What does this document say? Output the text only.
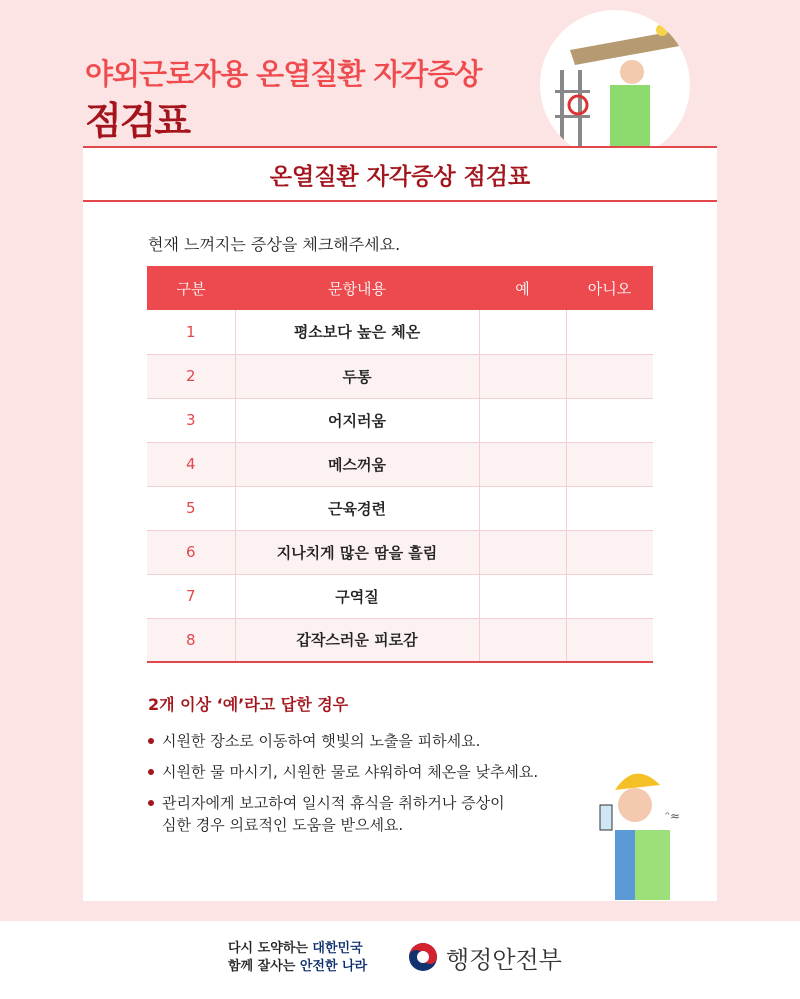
야외근로자용 온열질환 자각증상
점검표
온열질환 자각증상 점검표
현재 느껴지는 증상을 체크해주세요.
구분	문항내용	예	아니오
1	평소보다 높은 체온		
2	두통		
3	어지러움		
4	메스꺼움		
5	근육경련		
6	지나치게 많은 땀을 흘림		
7	구역질		
8	갑작스러운 피로감		
2개 이상 ‘예’라고 답한 경우
시원한 장소로 이동하여 햇빛의 노출을 피하세요.
시원한 물 마시기, 시원한 물로 샤워하여 체온을 낮추세요.
관리자에게 보고하여 일시적 휴식을 취하거나 증상이 심한 경우 의료적인 도움을 받으세요.	ᵔ≈
다시 도약하는 대한민국
함께 잘사는 안전한 나라	행정안전부
